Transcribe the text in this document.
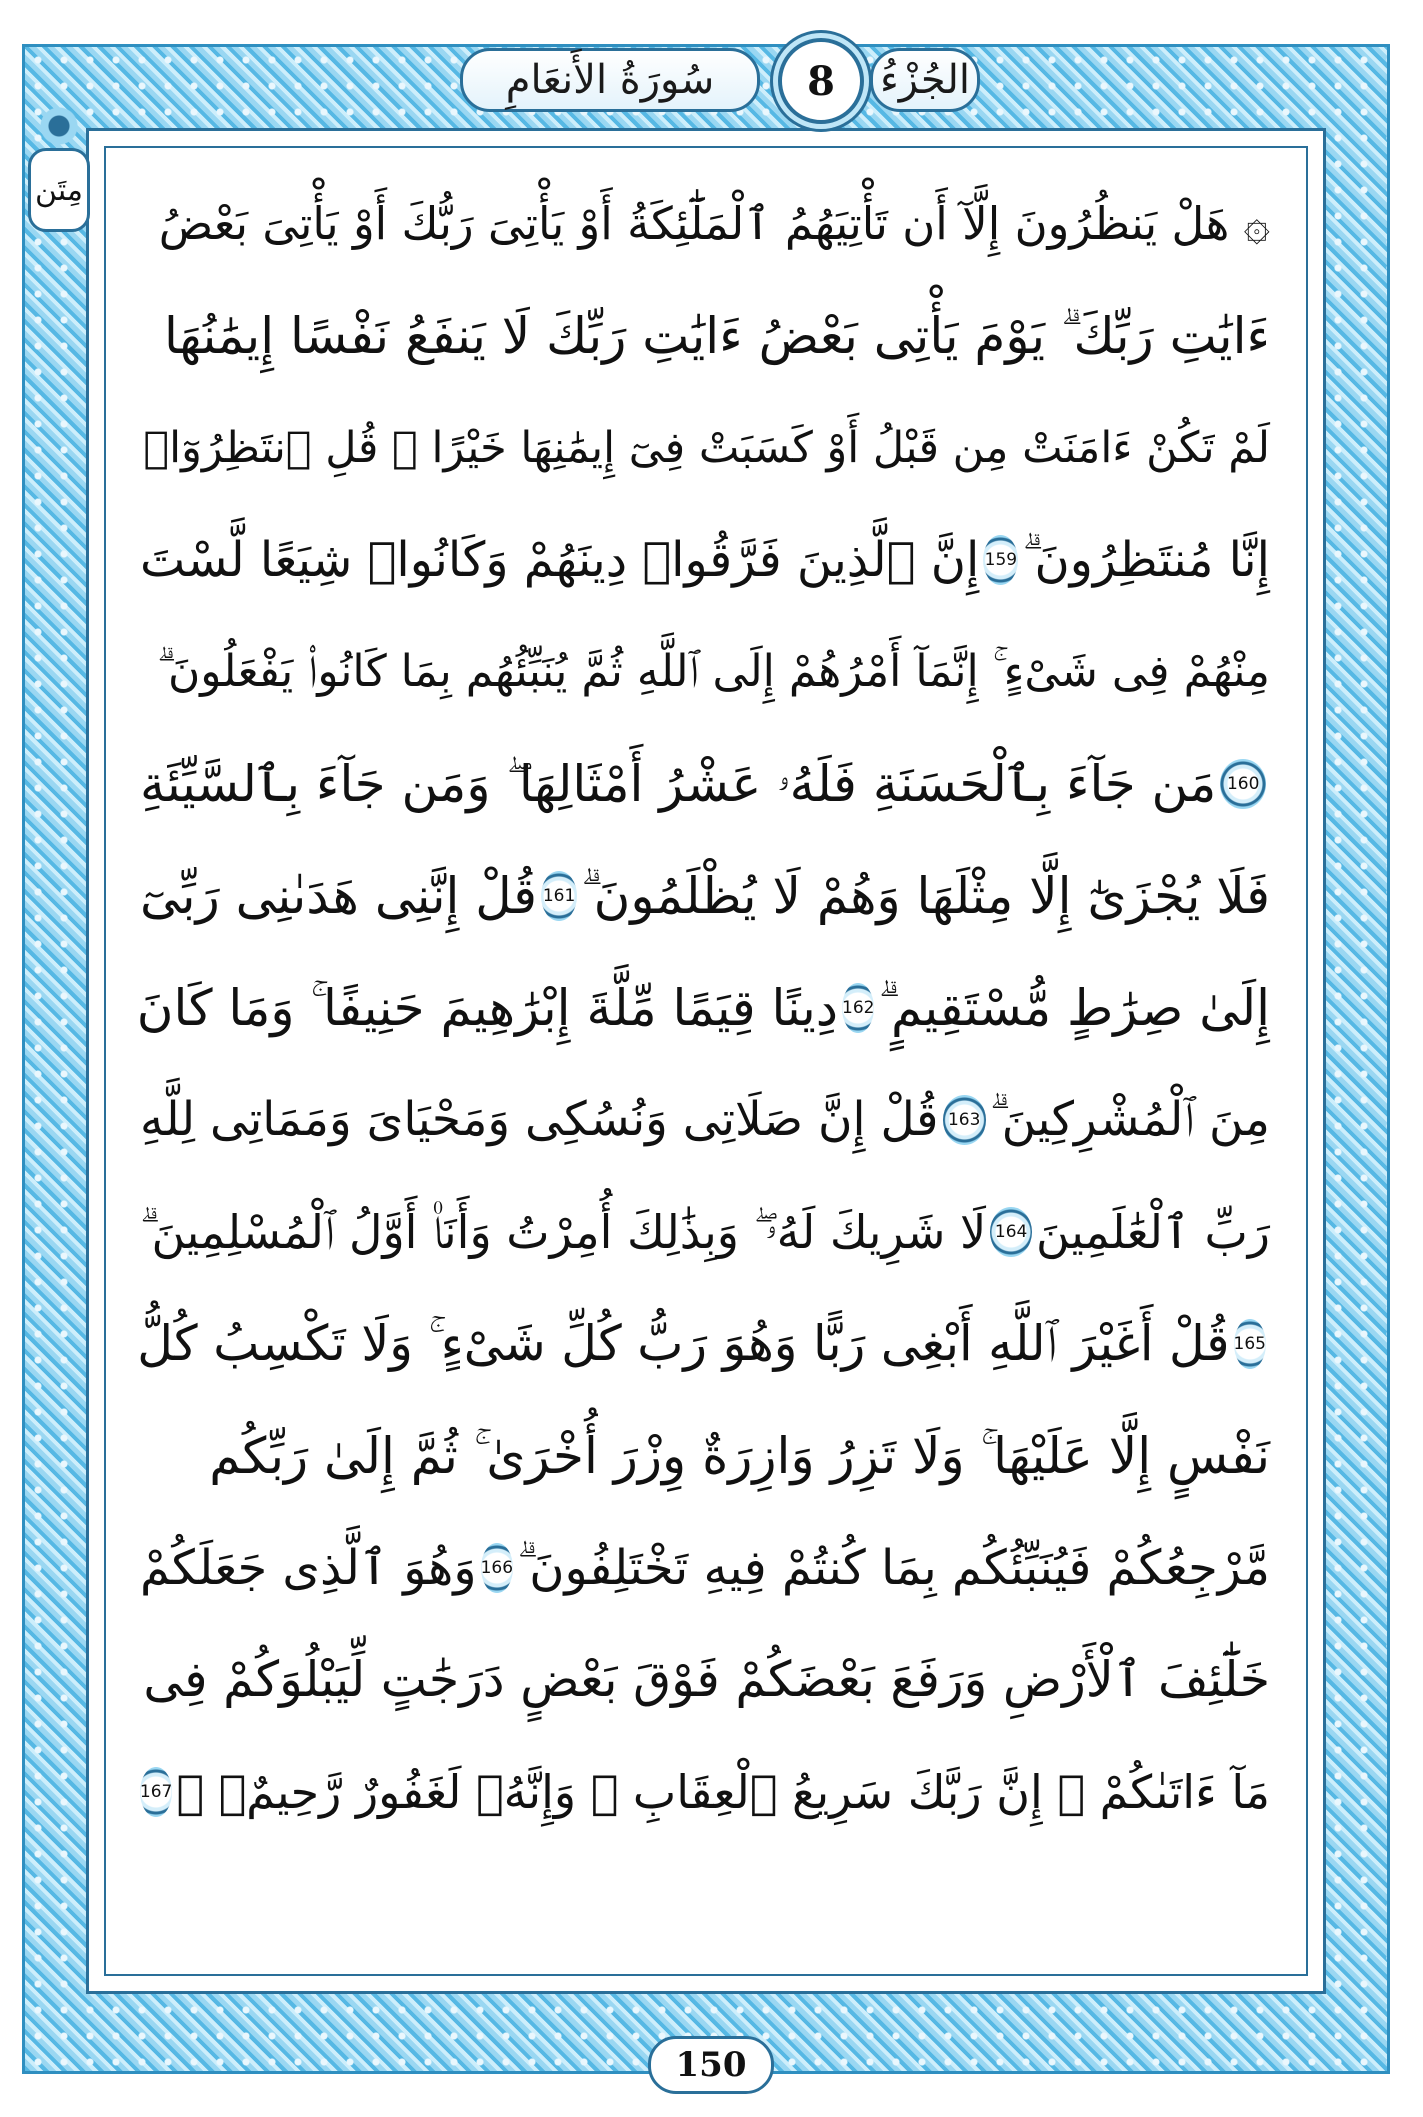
سُورَةُ الأَنعَامِ	8	الجُزْءُ
مِتَن
۞ هَلْ يَنظُرُونَ إِلَّآ أَن تَأْتِيَهُمُ ٱلْمَلَٰٓئِكَةُ أَوْ يَأْتِىَ رَبُّكَ أَوْ يَأْتِىَ بَعْضُ
ءَايَٰتِ رَبِّكَ ۗ يَوْمَ يَأْتِى بَعْضُ ءَايَٰتِ رَبِّكَ لَا يَنفَعُ نَفْسًا إِيمَٰنُهَا
لَمْ تَكُنْ ءَامَنَتْ مِن قَبْلُ أَوْ كَسَبَتْ فِىٓ إِيمَٰنِهَا خَيْرًا ۗ قُلِ ٱنتَظِرُوٓا۟
إِنَّا مُنتَظِرُونَ ۗ
159
إِنَّ ٱلَّذِينَ فَرَّقُوا۟ دِينَهُمْ وَكَانُوا۟ شِيَعًا لَّسْتَ
مِنْهُمْ فِى شَىْءٍ ۚ إِنَّمَآ أَمْرُهُمْ إِلَى ٱللَّهِ ثُمَّ يُنَبِّئُهُم بِمَا كَانُوا۟ يَفْعَلُونَ ۗ
160
مَن جَآءَ بِٱلْحَسَنَةِ فَلَهُۥ عَشْرُ أَمْثَالِهَا ۖ وَمَن جَآءَ بِٱلسَّيِّئَةِ
فَلَا يُجْزَىٰٓ إِلَّا مِثْلَهَا وَهُمْ لَا يُظْلَمُونَ ۗ
161
قُلْ إِنَّنِى هَدَىٰنِى رَبِّىٓ
إِلَىٰ صِرَٰطٍ مُّسْتَقِيمٍ ۗ
162
دِينًا قِيَمًا مِّلَّةَ إِبْرَٰهِيمَ حَنِيفًا ۚ وَمَا كَانَ
مِنَ ٱلْمُشْرِكِينَ ۗ
163
قُلْ إِنَّ صَلَاتِى وَنُسُكِى وَمَحْيَاىَ وَمَمَاتِى لِلَّهِ
رَبِّ ٱلْعَٰلَمِينَ
164
لَا شَرِيكَ لَهُۥ ۖ وَبِذَٰلِكَ أُمِرْتُ وَأَنَا۠ أَوَّلُ ٱلْمُسْلِمِينَ ۗ
165
قُلْ أَغَيْرَ ٱللَّهِ أَبْغِى رَبًّا وَهُوَ رَبُّ كُلِّ شَىْءٍ ۚ وَلَا تَكْسِبُ كُلُّ
نَفْسٍ إِلَّا عَلَيْهَا ۚ وَلَا تَزِرُ وَازِرَةٌ وِزْرَ أُخْرَىٰ ۚ ثُمَّ إِلَىٰ رَبِّكُم
مَّرْجِعُكُمْ فَيُنَبِّئُكُم بِمَا كُنتُمْ فِيهِ تَخْتَلِفُونَ ۗ
166
وَهُوَ ٱلَّذِى جَعَلَكُمْ
خَلَٰٓئِفَ ٱلْأَرْضِ وَرَفَعَ بَعْضَكُمْ فَوْقَ بَعْضٍ دَرَجَٰتٍ لِّيَبْلُوَكُمْ فِى
مَآ ءَاتَىٰكُمْ ۗ إِنَّ رَبَّكَ سَرِيعُ ٱلْعِقَابِ ۖ وَإِنَّهُۥ لَغَفُورٌ رَّحِيمٌۢ ۗ
167
150
